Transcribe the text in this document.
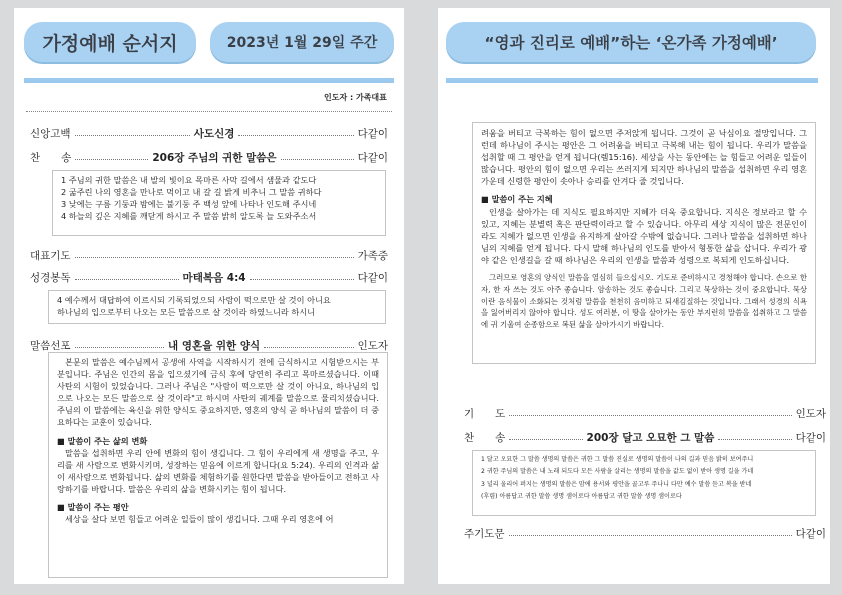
가정예배 순서지	2023년 1월 29일 주간
인도자 : 가족대표
신앙고백	사도신경	다같이
찬　　송	206장 주님의 귀한 말씀은	다같이
1 주님의 귀한 말씀은 내 발의 빛이요 목마른 사막 길에서 샘물과 같도다
2 굶주린 나의 영혼을 만나로 먹이고 내 갈 길 밝게 비추니 그 말씀 귀하다
3 낮에는 구름 기둥과 밤에는 불기둥 주 백성 앞에 나타나 인도해 주시네
4 하늘의 깊은 지혜를 깨닫게 하시고 주 말씀 밝히 알도록 늘 도와주소서
대표기도	가족중
성경봉독	마태복음 4:4	다같이
4 예수께서 대답하여 이르시되 기록되었으되 사람이 떡으로만 살 것이 아니요
하나님의 입으로부터 나오는 모든 말씀으로 살 것이라 하였느니라 하시니
말씀선포	내 영혼을 위한 양식	인도자

본문의 말씀은 예수님께서 공생애 사역을 시작하시기 전에 금식하시고 시험받으시는 부분입니다. 주님은 인간의 몸을 입으셨기에 금식 후에 당연히 주리고 목마르셨습니다. 이때 사탄의 시험이 있었습니다. 그러나 주님은 "사람이 떡으로만 살 것이 아니요, 하나님의 입으로 나오는 모든 말씀으로 살 것이라"고 하시며 사탄의 궤계를 말씀으로 물리치셨습니다. 주님의 이 말씀에는 육신을 위한 양식도 중요하지만, 영혼의 양식 곧 하나님의 말씀이 더 중요하다는 교훈이 있습니다.

■ 말씀이 주는 삶의 변화

말씀을 섭취하면 우리 안에 변화의 힘이 생깁니다. 그 힘이 우리에게 새 생명을 주고, 우리를 새 사람으로 변화시키며, 성장하는 믿음에 이르게 합니다(요 5:24). 우리의 인격과 삶이 새사람으로 변화됩니다. 삶의 변화를 체험하기를 원한다면 말씀을 받아들이고 전하고 사랑하기를 바랍니다. 말씀은 우리의 삶을 변화시키는 힘이 됩니다.

■ 말씀이 주는 평안

세상을 살다 보면 힘들고 어려운 일들이 많이 생깁니다. 그때 우리 영혼에 어

“영과 진리로 예배”하는 ‘온가족 가정예배’

려움을 버티고 극복하는 힘이 없으면 주저앉게 됩니다. 그것이 곧 낙심이요 절망입니다. 그런데 하나님이 주시는 평안은 그 어려움을 버티고 극복해 내는 힘이 됩니다. 우리가 말씀을 섭취할 때 그 평안을 얻게 됩니다(렘15:16). 세상을 사는 동안에는 늘 힘들고 어려운 일들이 많습니다. 평안의 힘이 없으면 우리는 쓰러지게 되지만 하나님의 말씀을 섭취하면 우리 영혼 가운데 신령한 평안이 솟아나 승리를 안겨다 줄 것입니다.

■ 말씀이 주는 지혜

인생을 살아가는 데 지식도 필요하지만 지혜가 더욱 중요합니다. 지식은 정보라고 할 수 있고, 지혜는 분별력 혹은 판단력이라고 할 수 있습니다. 아무리 세상 지식이 많은 전문인이라도 지혜가 없으면 인생을 유지하게 살아갈 수밖에 없습니다. 그러나 말씀을 섭취하면 하나님의 지혜를 얻게 됩니다. 다시 말해 하나님의 인도를 받아서 형통한 삶을 삽니다. 우리가 광야 같은 인생길을 갈 때 하나님은 우리의 인생을 말씀과 성령으로 복되게 인도하십니다.

그러므로 영혼의 양식인 말씀을 열심히 들으십시오. 기도로 준비하시고 경청해야 합니다. 손으로 한 자, 한 자 쓰는 것도 아주 좋습니다. 암송하는 것도 좋습니다. 그리고 묵상하는 것이 중요합니다. 묵상이란 음식물이 소화되는 것처럼 말씀을 천천히 음미하고 되새김질하는 것입니다. 그래서 성경의 식욕을 잃어버리지 않아야 합니다. 성도 여러분, 이 땅을 살아가는 동안 부지런히 말씀을 섭취하고 그 말씀에 귀 기울여 순종함으로 복된 삶을 살아가시기 바랍니다.

기　　도	인도자
찬　　송	200장 달고 오묘한 그 말씀	다같이
1 달고 오묘한 그 말씀 생명의 말씀은 귀한 그 말씀 진실로 생명의 말씀이 나의 길과 믿음 밝히 보여주니
2 귀한 주님의 말씀은 내 노래 되도다 모든 사람을 살리는 생명의 말씀을 값도 없이 받아 생명 길을 가네
3 널리 울리어 퍼지는 생명의 말씀은 맘에 용서와 평안을 골고루 주나니 다만 예수 말씀 듣고 복을 받네
(후렴) 아름답고 귀한 말씀 생명 샘이로다 아름답고 귀한 말씀 생명 샘이로다
주기도문	다같이
